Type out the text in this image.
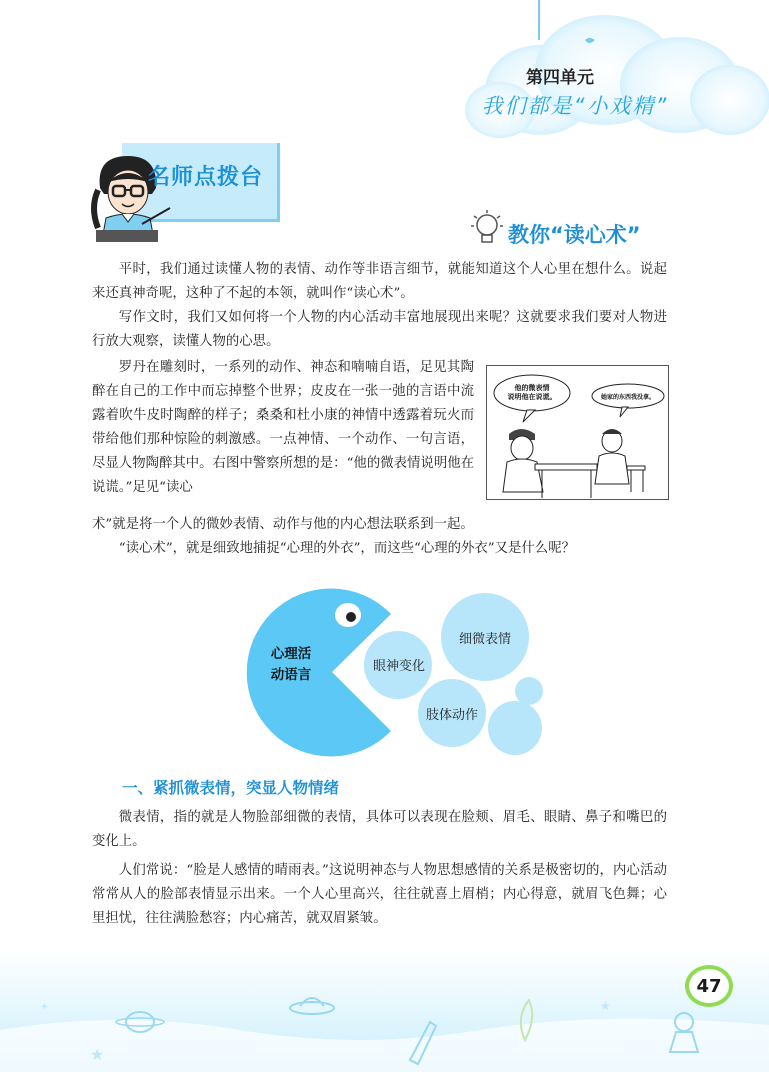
第四单元
我们都是“小戏精”
名师点拨台
教你“读心术”

平时，我们通过读懂人物的表情、动作等非语言细节，就能知道这个人心里在想什么。说起来还真神奇呢，这种了不起的本领，就叫作“读心术”。

写作文时，我们又如何将一个人物的内心活动丰富地展现出来呢？这就要求我们要对人物进行放大观察，读懂人物的心思。

罗丹在雕刻时，一系列的动作、神态和喃喃自语，足见其陶醉在自己的工作中而忘掉整个世界；皮皮在一张一弛的言语中流露着吹牛皮时陶醉的样子；桑桑和杜小康的神情中透露着玩火而带给他们那种惊险的刺激感。一点神情、一个动作、一句言语，尽显人物陶醉其中。右图中警察所想的是：“他的微表情说明他在说谎。”足见“读心

术”就是将一个人的微妙表情、动作与他的内心想法联系到一起。

“读心术”，就是细致地捕捉“心理的外衣”，而这些“心理的外衣”又是什么呢？

他的微表情
说明他在说谎。	她家的东西我没拿。
心理活
动语言
眼神变化
细微表情
肢体动作
一、紧抓微表情，突显人物情绪

微表情，指的就是人物脸部细微的表情，具体可以表现在脸颊、眉毛、眼睛、鼻子和嘴巴的变化上。

人们常说：“脸是人感情的晴雨表。”这说明神态与人物思想感情的关系是极密切的，内心活动常常从人的脸部表情显示出来。一个人心里高兴，往往就喜上眉梢；内心得意，就眉飞色舞；心里担忧，往往满脸愁容；内心痛苦，就双眉紧皱。

★
★
✦
47
